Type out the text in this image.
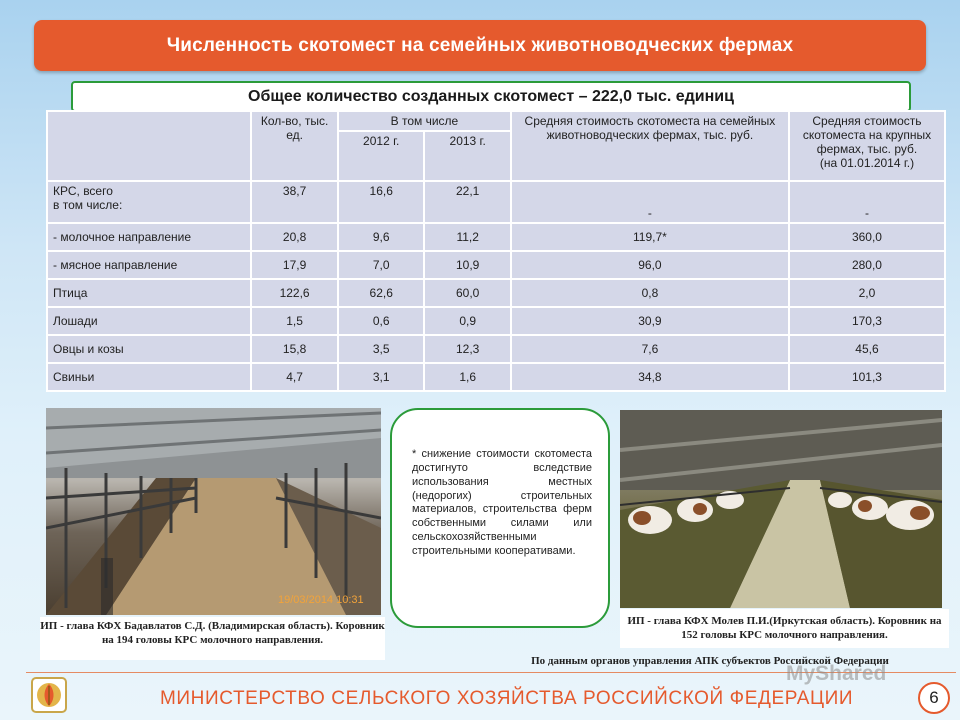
Численность скотомест на семейных животноводческих фермах
Общее количество созданных скотомест – 222,0 тыс. единиц
	Кол-во, тыс. ед.	В том числе		Средняя стоимость скотоместа на семейных животноводческих фермах, тыс. руб.	Средняя стоимость скотоместа на крупных фермах, тыс. руб.
(на 01.01.2014 г.)

		2012 г.	2013 г.		

КРС, всего
в том числе:	38,7	16,6	22,1	-	-
- молочное направление	20,8	9,6	11,2	119,7*	360,0
- мясное направление	17,9	7,0	10,9	96,0	280,0
Птица	122,6	62,6	60,0	0,8	2,0
Лошади	1,5	0,6	0,9	30,9	170,3
Овцы и козы	15,8	3,5	12,3	7,6	45,6
Свиньи	4,7	3,1	1,6	34,8	101,3
19/03/2014 10:31
ИП - глава КФХ Бадавлатов С.Д. (Владимирская область). Коровник на 194 головы КРС молочного направления.
* снижение стоимости скотоместа достигнуто вследствие использования местных (недорогих) строительных материалов, строительства ферм собственными силами или сельскохозяйственными строительными кооперативами.
ИП - глава КФХ Молев П.И.(Иркутская область). Коровник на 152 головы КРС молочного направления.
По данным органов управления АПК субъектов Российской Федерации
МИНИСТЕРСТВО СЕЛЬСКОГО ХОЗЯЙСТВА РОССИЙСКОЙ ФЕДЕРАЦИИ
MyShared
6
